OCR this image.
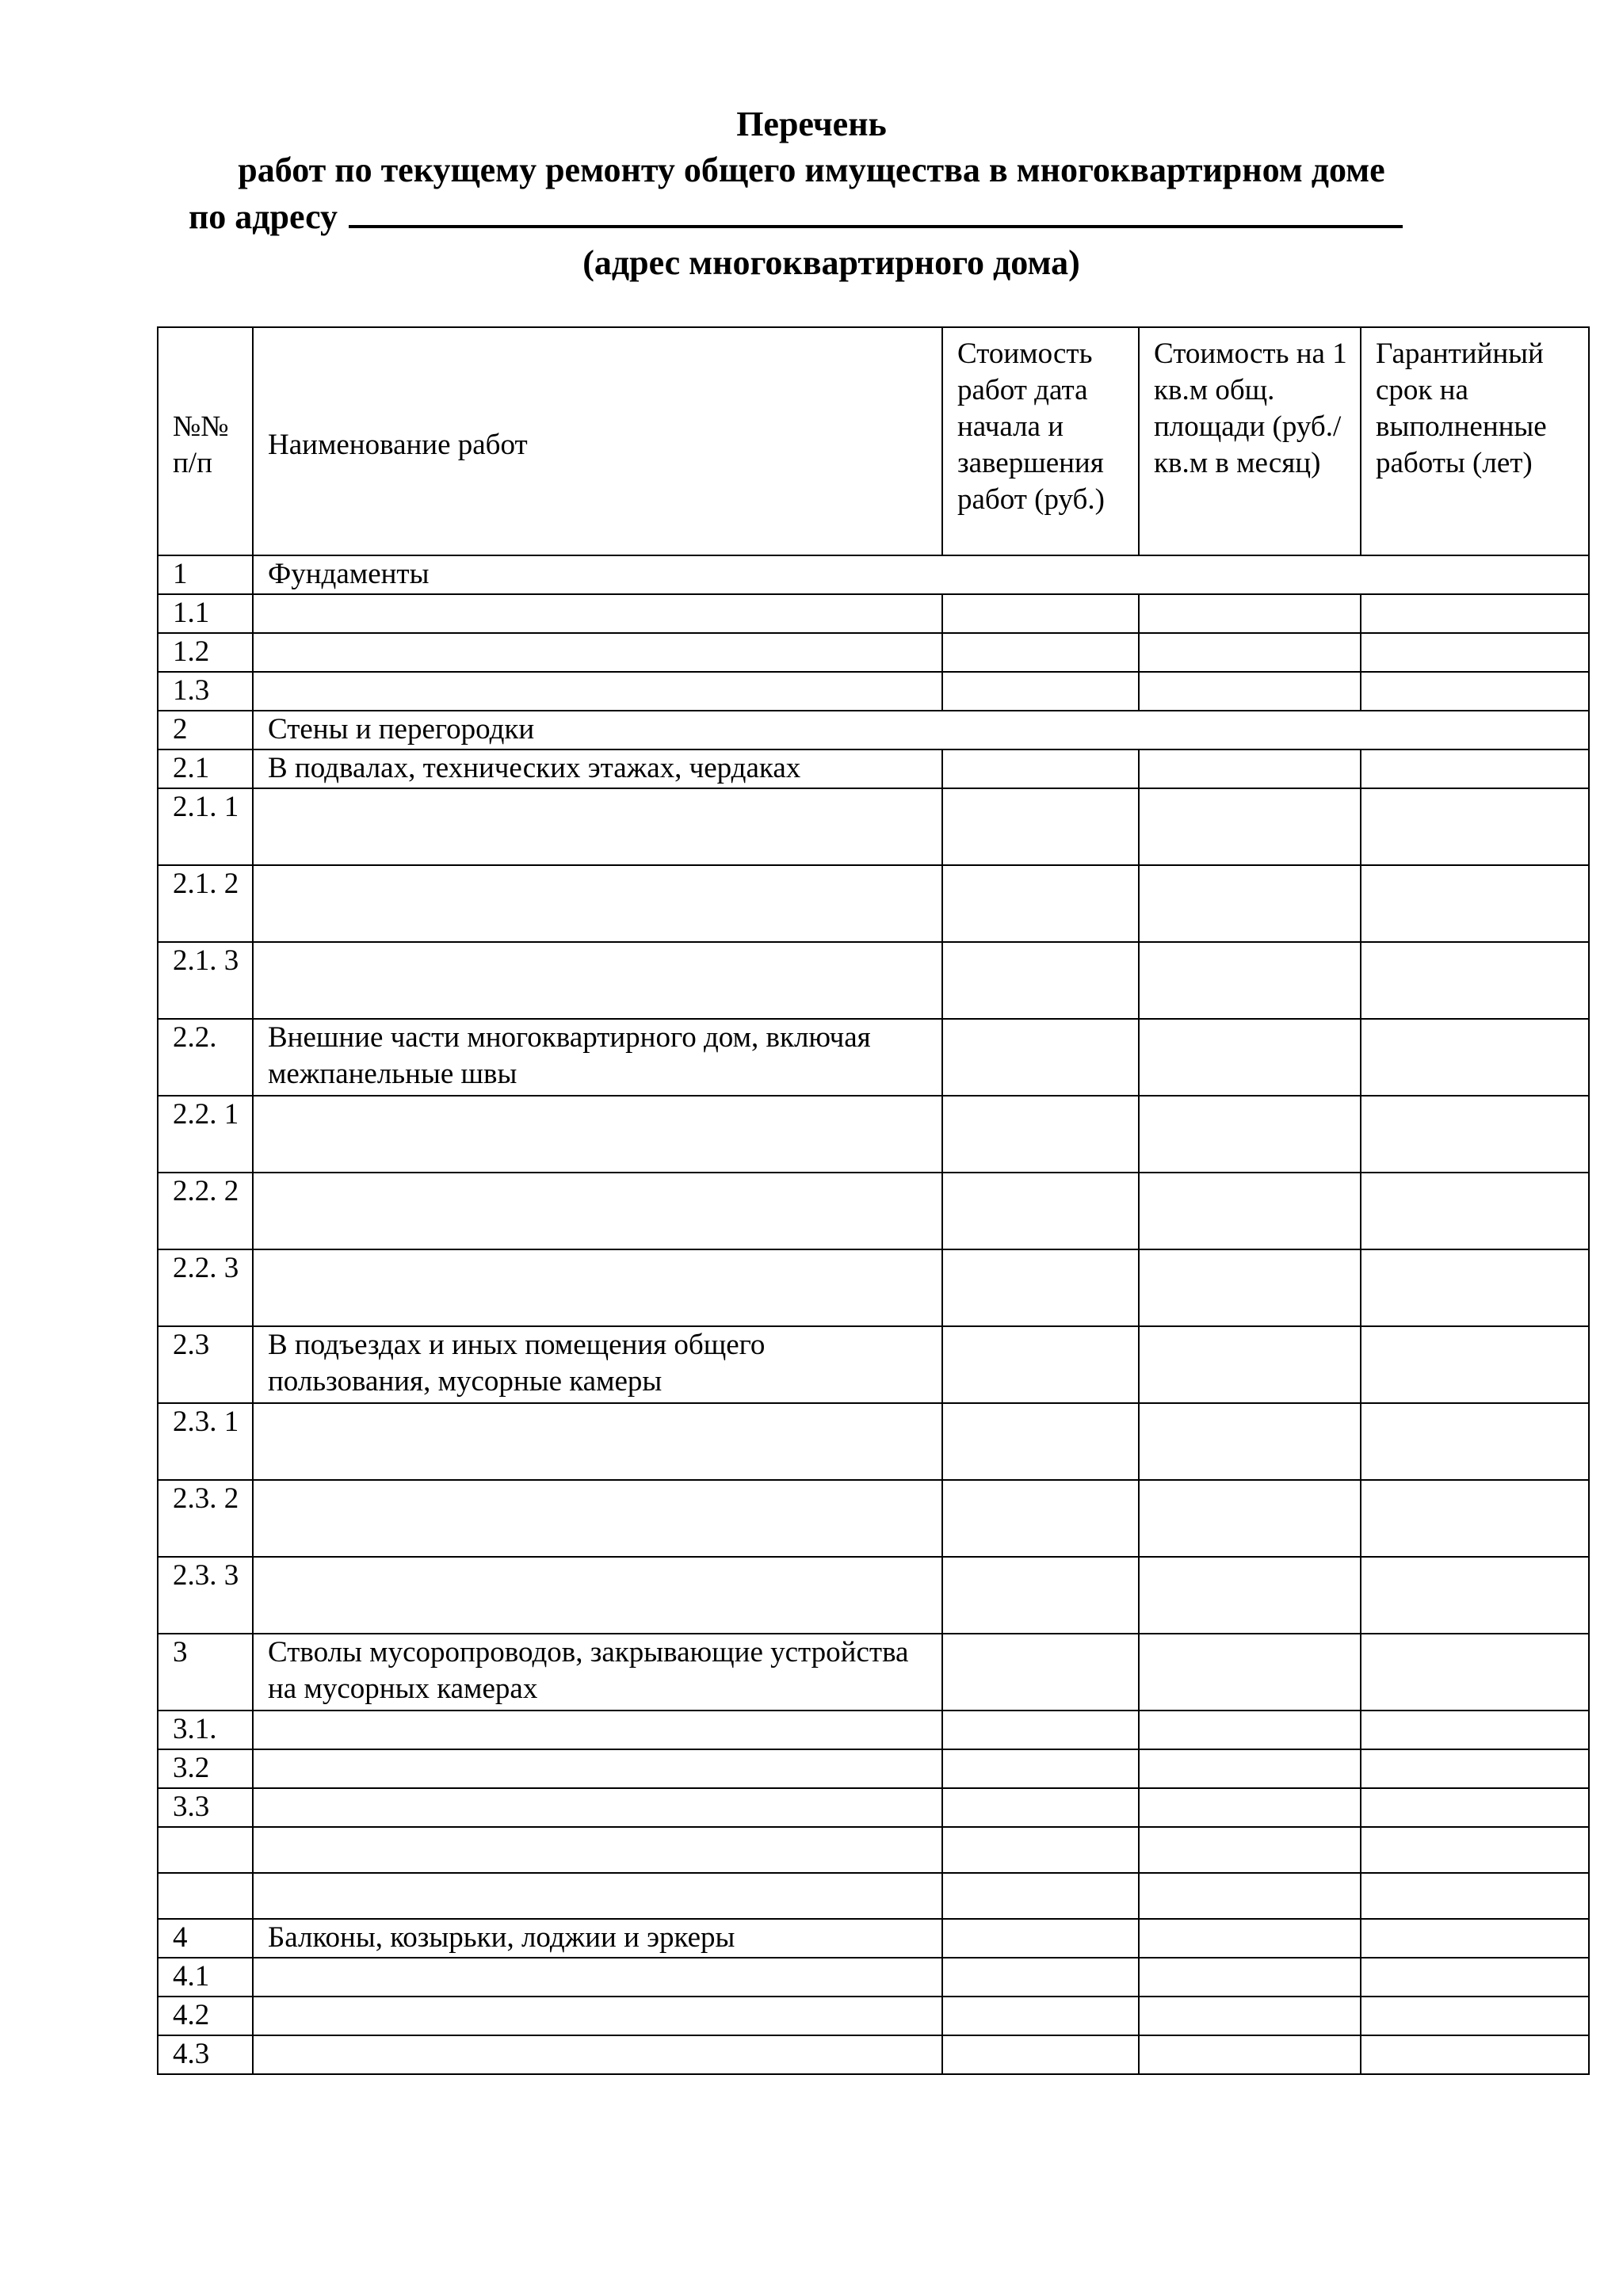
Перечень
работ по текущему ремонту общего имущества в многоквартирном доме
по адресу
(адрес многоквартирного дома)
№№ п/п	Наименование работ	Стоимость работ дата начала и завершения работ (руб.)	Стоимость на 1 кв.м общ. площади (руб./кв.м в месяц)	Гарантийный срок на выполненные работы (лет)
1	Фундаменты			
1.1				
1.2				
1.3				
2	Стены и перегородки			
2.1	В подвалах, технических этажах, чердаках			
2.1. 1				
2.1. 2				
2.1. 3				
2.2.	Внешние части многоквартирного дом, включая межпанельные швы			
2.2. 1				
2.2. 2				
2.2. 3				
2.3	В подъездах и иных помещения общего пользования, мусорные камеры			
2.3. 1				
2.3. 2				
2.3. 3				
3	Стволы мусоропроводов, закрывающие устройства на мусорных камерах			
3.1.				
3.2				
3.3				

4	Балконы, козырьки, лоджии и эркеры			
4.1				
4.2				
4.3				
